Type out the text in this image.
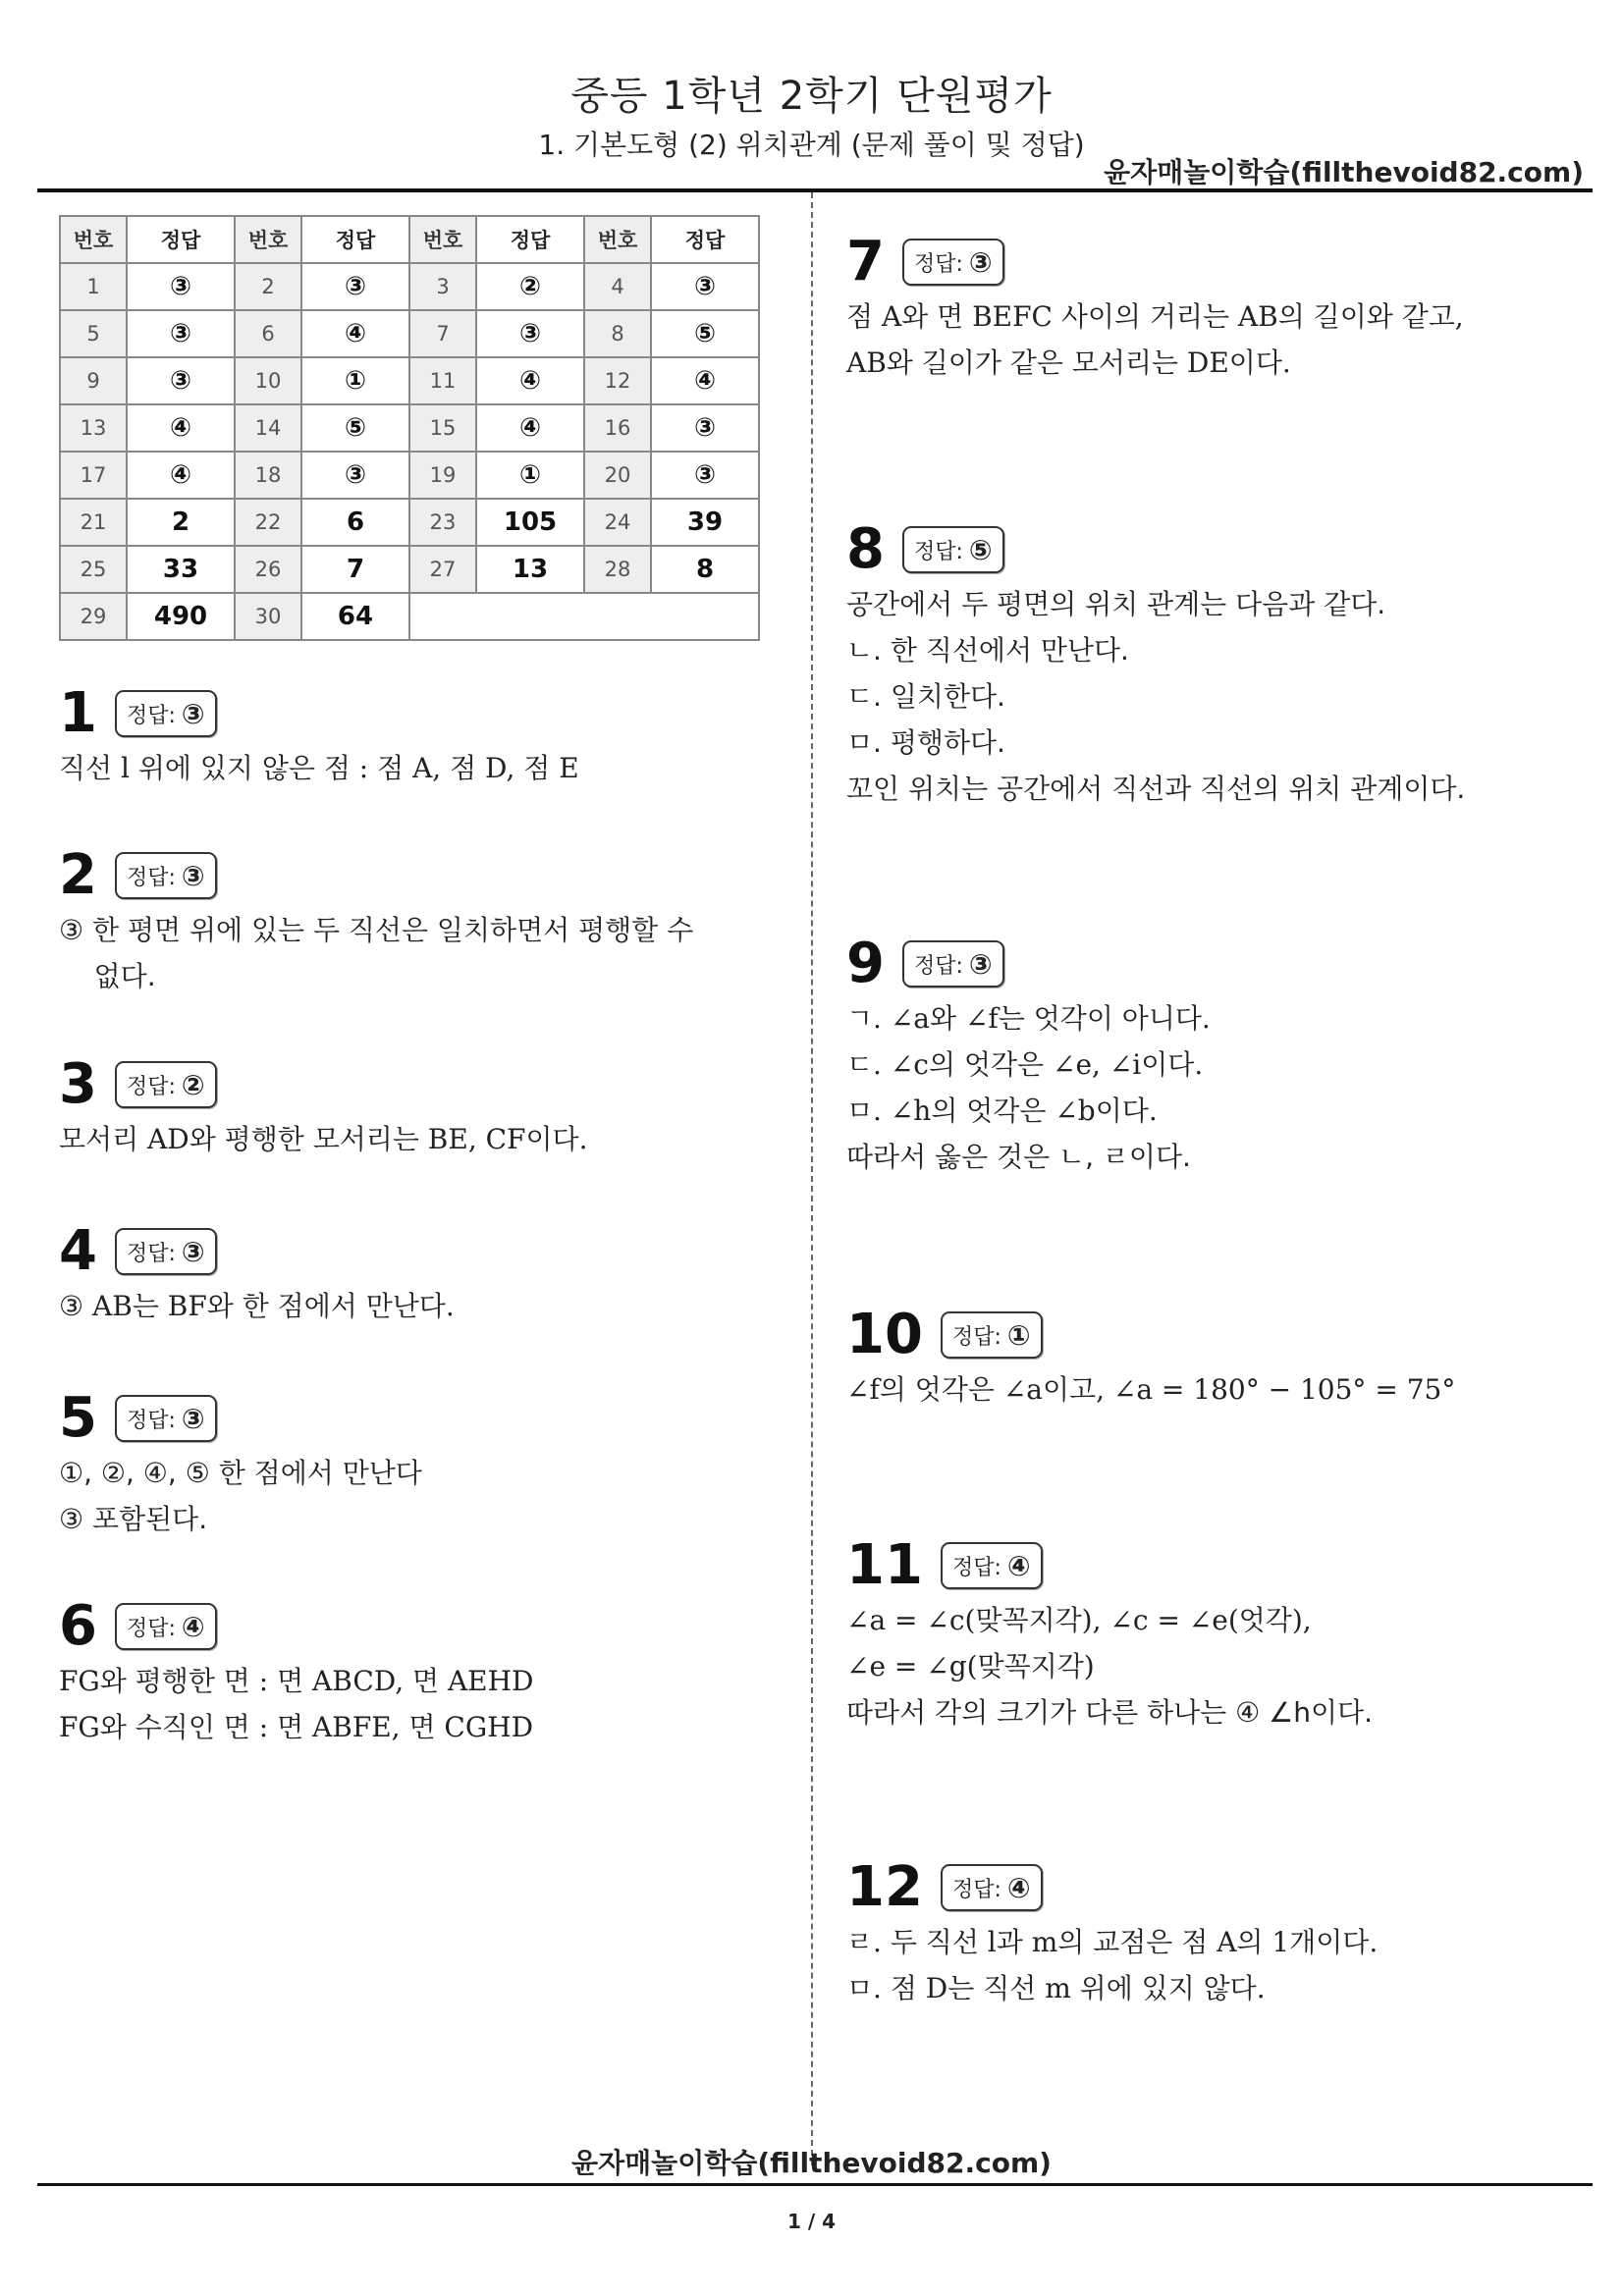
중등 1학년 2학기 단원평가
1. 기본도형 (2) 위치관계 (문제 풀이 및 정답)
윤자매놀이학습(fillthevoid82.com)
번호	정답	번호	정답	번호	정답	번호	정답
1	③	2	③	3	②	4	③
5	③	6	④	7	③	8	⑤
9	③	10	①	11	④	12	④
13	④	14	⑤	15	④	16	③
17	④	18	③	19	①	20	③
21	2	22	6	23	105	24	39
25	33	26	7	27	13	28	8
29	490	30	64				
1 정답: ③
직선 l 위에 있지 않은 점 : 점 A, 점 D, 점 E
2 정답: ③
③ 한 평면 위에 있는 두 직선은 일치하면서 평행할 수
없다.
3 정답: ②
모서리 AD와 평행한 모서리는 BE, CF이다.
4 정답: ③
③ AB는 BF와 한 점에서 만난다.
5 정답: ③
①, ②, ④, ⑤ 한 점에서 만난다
③ 포함된다.
6 정답: ④
FG와 평행한 면 : 면 ABCD, 면 AEHD
FG와 수직인 면 : 면 ABFE, 면 CGHD
7 정답: ③
점 A와 면 BEFC 사이의 거리는 AB의 길이와 같고,
AB와 길이가 같은 모서리는 DE이다.
8 정답: ⑤
공간에서 두 평면의 위치 관계는 다음과 같다.
ㄴ. 한 직선에서 만난다.
ㄷ. 일치한다.
ㅁ. 평행하다.
꼬인 위치는 공간에서 직선과 직선의 위치 관계이다.
9 정답: ③
ㄱ. ∠a와 ∠f는 엇각이 아니다.
ㄷ. ∠c의 엇각은 ∠e, ∠i이다.
ㅁ. ∠h의 엇각은 ∠b이다.
따라서 옳은 것은 ㄴ, ㄹ이다.
10 정답: ①
∠f의 엇각은 ∠a이고, ∠a = 180° − 105° = 75°
11 정답: ④
∠a = ∠c(맞꼭지각), ∠c = ∠e(엇각),
∠e = ∠g(맞꼭지각)
따라서 각의 크기가 다른 하나는 ④ ∠h이다.
12 정답: ④
ㄹ. 두 직선 l과 m의 교점은 점 A의 1개이다.
ㅁ. 점 D는 직선 m 위에 있지 않다.
윤자매놀이학습(fillthevoid82.com)
1 / 4
